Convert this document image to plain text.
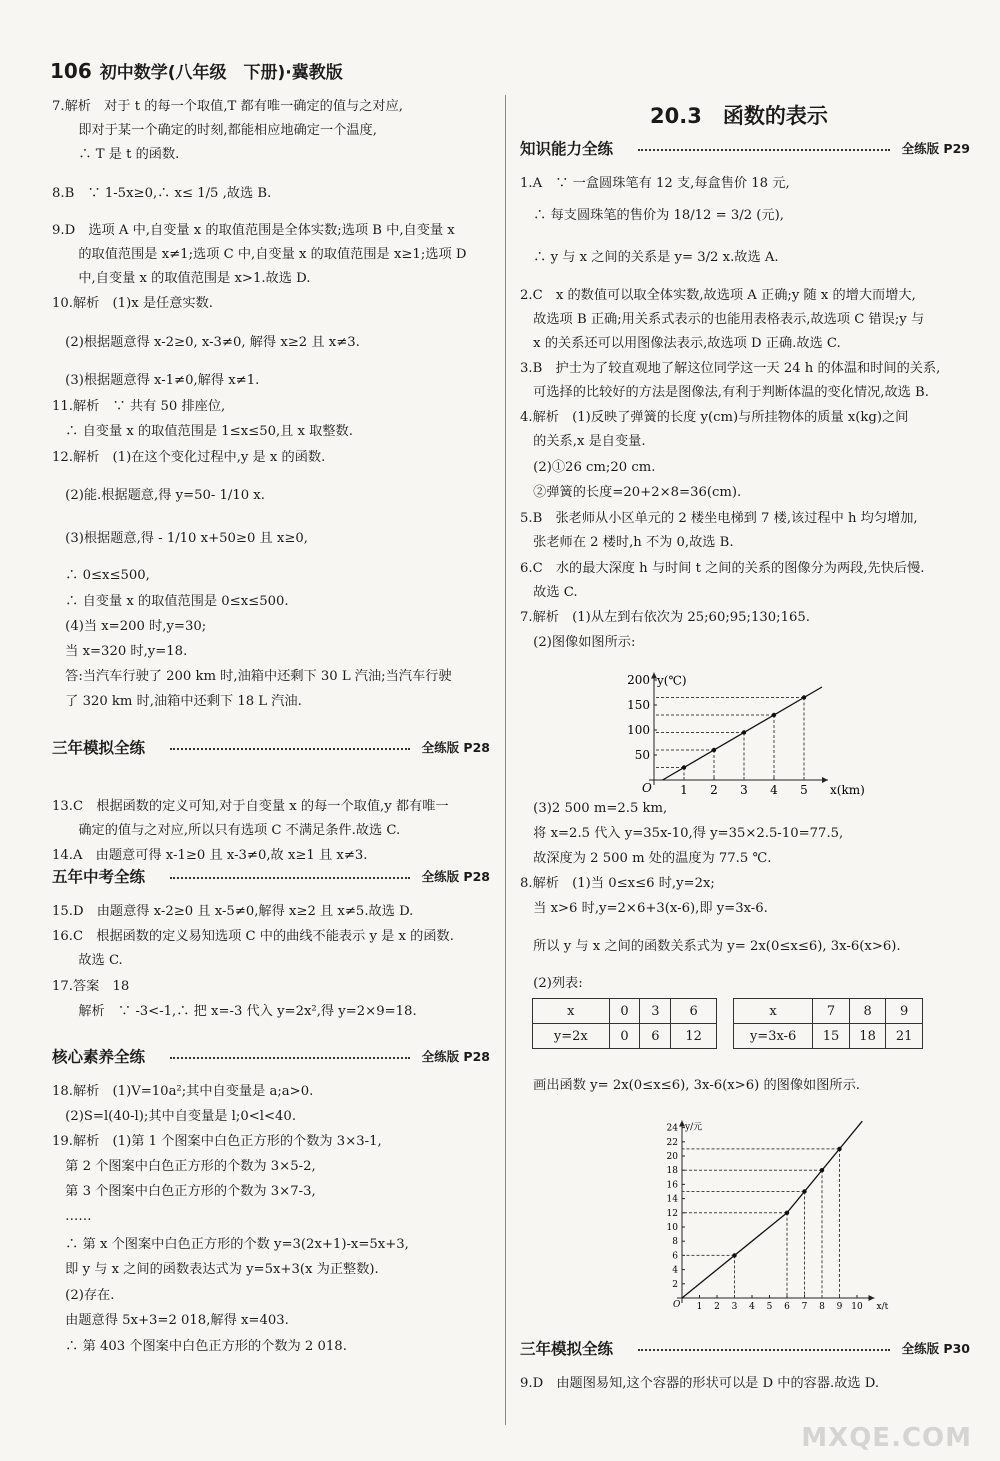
106 初中数学(八年级　下册)·冀教版
7.解析　对于 t 的每一个取值,T 都有唯一确定的值与之对应,
　　即对于某一个确定的时刻,都能相应地确定一个温度,
　　∴ T 是 t 的函数.
8.B　∵ 1-5x≥0,∴ x≤ 1/5 ,故选 B.
9.D　选项 A 中,自变量 x 的取值范围是全体实数;选项 B 中,自变量 x
　　的取值范围是 x≠1;选项 C 中,自变量 x 的取值范围是 x≥1;选项 D
　　中,自变量 x 的取值范围是 x>1.故选 D.
10.解析　(1)x 是任意实数.
　(2)根据题意得 x-2≥0, x-3≠0, 解得 x≥2 且 x≠3.
　(3)根据题意得 x-1≠0,解得 x≠1.
11.解析　∵ 共有 50 排座位,
　∴ 自变量 x 的取值范围是 1≤x≤50,且 x 取整数.
12.解析　(1)在这个变化过程中,y 是 x 的函数.
　(2)能.根据题意,得 y=50- 1/10 x.
　(3)根据题意,得 - 1/10 x+50≥0 且 x≥0,
　∴ 0≤x≤500,
　∴ 自变量 x 的取值范围是 0≤x≤500.
　(4)当 x=200 时,y=30;
　当 x=320 时,y=18.
　答:当汽车行驶了 200 km 时,油箱中还剩下 30 L 汽油;当汽车行驶
　了 320 km 时,油箱中还剩下 18 L 汽油.
13.C　根据函数的定义可知,对于自变量 x 的每一个取值,y 都有唯一
　　确定的值与之对应,所以只有选项 C 不满足条件.故选 C.
14.A　由题意可得 x-1≥0 且 x-3≠0,故 x≥1 且 x≠3.
15.D　由题意得 x-2≥0 且 x-5≠0,解得 x≥2 且 x≠5.故选 D.
16.C　根据函数的定义易知选项 C 中的曲线不能表示 y 是 x 的函数.
　　故选 C.
17.答案　18
　　解析　∵ -3<-1,∴ 把 x=-3 代入 y=2x²,得 y=2×9=18.
18.解析　(1)V=10a²;其中自变量是 a;a>0.
　(2)S=l(40-l);其中自变量是 l;0<l<40.
19.解析　(1)第 1 个图案中白色正方形的个数为 3×3-1,
　第 2 个图案中白色正方形的个数为 3×5-2,
　第 3 个图案中白色正方形的个数为 3×7-3,
　……
　∴ 第 x 个图案中白色正方形的个数 y=3(2x+1)-x=5x+3,
　即 y 与 x 之间的函数表达式为 y=5x+3(x 为正整数).
　(2)存在.
　由题意得 5x+3=2 018,解得 x=403.
　∴ 第 403 个图案中白色正方形的个数为 2 018.
三年模拟全练	全练版 P28
五年中考全练	全练版 P28
核心素养全练	全练版 P28
20.3　函数的表示
x	0	3	6
y=2x	0	6	12
x	7	8	9
y=3x-6	15	18	21
x(km)
y(℃)
O 1 2 3 4 5
50
100
150
200
x/t
y/元
O 1 2 3 4 5 6 7 8 9 10
2
4
6
8
10
12
14
16
18
20
22
24
1.A　∵ 一盒圆珠笔有 12 支,每盒售价 18 元,
　∴ 每支圆珠笔的售价为 18/12 = 3/2 (元),
　∴ y 与 x 之间的关系是 y= 3/2 x.故选 A.
2.C　x 的数值可以取全体实数,故选项 A 正确;y 随 x 的增大而增大,
　故选项 B 正确;用关系式表示的也能用表格表示,故选项 C 错误;y 与
　x 的关系还可以用图像法表示,故选项 D 正确.故选 C.
3.B　护士为了较直观地了解这位同学这一天 24 h 的体温和时间的关系,
　可选择的比较好的方法是图像法,有利于判断体温的变化情况,故选 B.
4.解析　(1)反映了弹簧的长度 y(cm)与所挂物体的质量 x(kg)之间
　的关系,x 是自变量.
　(2)①26 cm;20 cm.
　②弹簧的长度=20+2×8=36(cm).
5.B　张老师从小区单元的 2 楼坐电梯到 7 楼,该过程中 h 均匀增加,
　张老师在 2 楼时,h 不为 0,故选 B.
6.C　水的最大深度 h 与时间 t 之间的关系的图像分为两段,先快后慢.
　故选 C.
7.解析　(1)从左到右依次为 25;60;95;130;165.
　(2)图像如图所示:
　(3)2 500 m=2.5 km,
　将 x=2.5 代入 y=35x-10,得 y=35×2.5-10=77.5,
　故深度为 2 500 m 处的温度为 77.5 ℃.
8.解析　(1)当 0≤x≤6 时,y=2x;
　当 x>6 时,y=2×6+3(x-6),即 y=3x-6.
　所以 y 与 x 之间的函数关系式为 y= 2x(0≤x≤6), 3x-6(x>6).
　(2)列表:
　画出函数 y= 2x(0≤x≤6), 3x-6(x>6) 的图像如图所示.
9.D　由题图易知,这个容器的形状可以是 D 中的容器.故选 D.
知识能力全练	全练版 P29
三年模拟全练	全练版 P30
MXQE.COM
